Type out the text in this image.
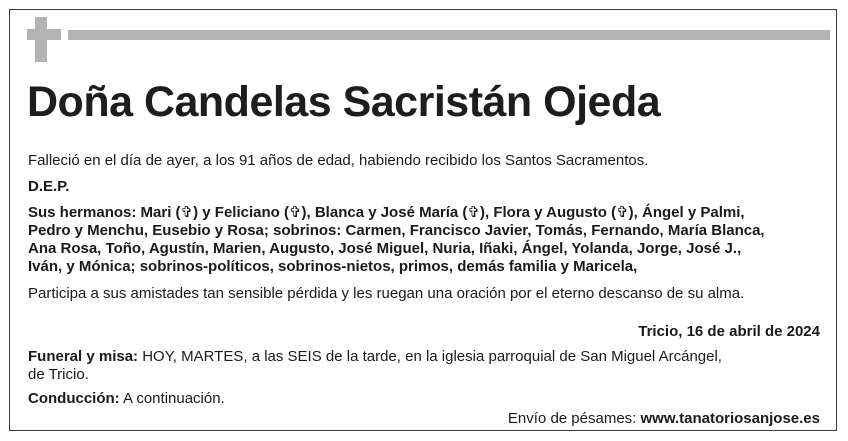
Doña Candelas Sacristán Ojeda

Falleció en el día de ayer, a los 91 años de edad, habiendo recibido los Santos Sacramentos.

D.E.P.

Sus hermanos: Mari (✞) y Feliciano (✞), Blanca y José María (✞), Flora y Augusto (✞), Ángel y Palmi,

Pedro y Menchu, Eusebio y Rosa; sobrinos: Carmen, Francisco Javier, Tomás, Fernando, María Blanca,

Ana Rosa, Toño, Agustín, Marien, Augusto, José Miguel, Nuria, Iñaki, Ángel, Yolanda, Jorge, José J.,

Iván, y Mónica; sobrinos-políticos, sobrinos-nietos, primos, demás familia y Maricela,

Participa a sus amistades tan sensible pérdida y les ruegan una oración por el eterno descanso de su alma.

Tricio, 16 de abril de 2024

Funeral y misa: HOY, MARTES, a las SEIS de la tarde, en la iglesia parroquial de San Miguel Arcángel,

de Tricio.

Conducción: A continuación.

Envío de pésames: www.tanatoriosanjose.es
